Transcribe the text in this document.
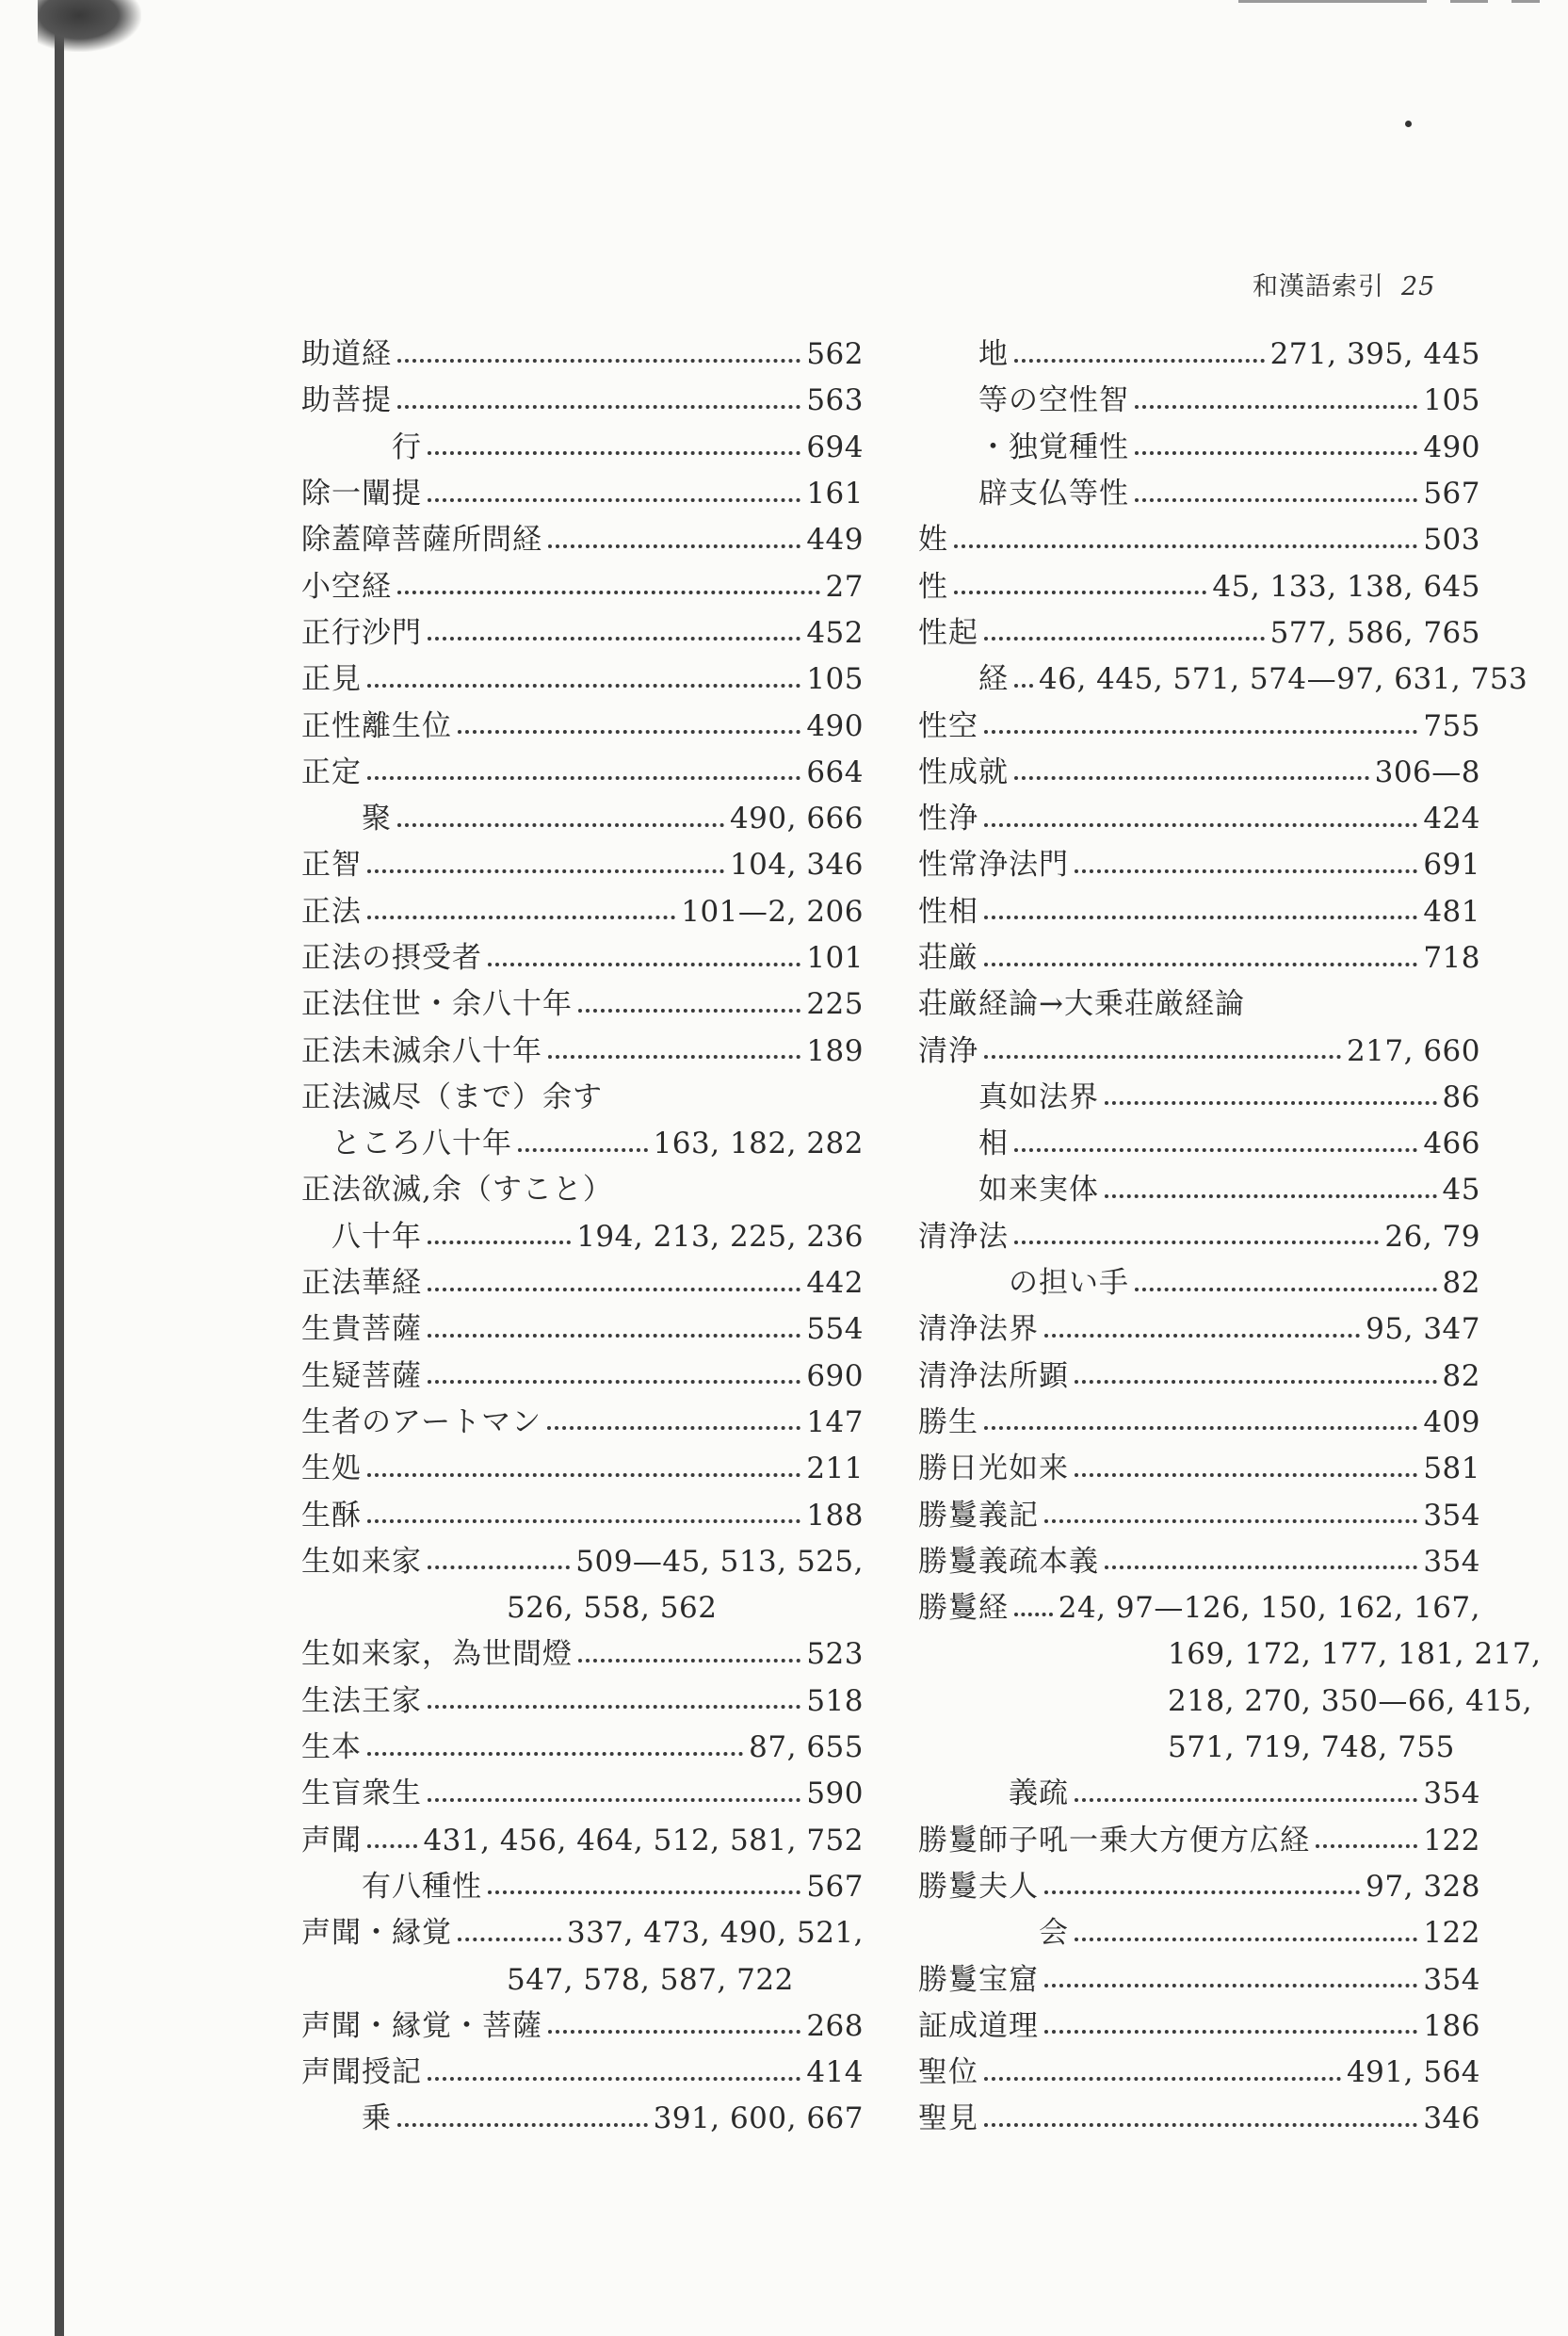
和漢語索引 25
助道経	562
助菩提	563
行	694
除一闡提	161
除蓋障菩薩所問経	449
小空経	27
正行沙門	452
正見	105
正性離生位	490
正定	664
聚	490, 666
正智	104, 346
正法	101—2, 206
正法の摂受者	101
正法住世・余八十年	225
正法未滅余八十年	189
正法滅尽（まで）余す
ところ八十年	163, 182, 282
正法欲滅,余（すこと）
八十年	194, 213, 225, 236
正法華経	442
生貴菩薩	554
生疑菩薩	690
生者のアートマン	147
生処	211
生酥	188
生如来家	509—45, 513, 525,
526, 558, 562
生如来家，為世間燈	523
生法王家	518
生本	87, 655
生盲衆生	590
声聞 431, 456, 464, 512, 581, 752
有八種性	567
声聞・縁覚	337, 473, 490, 521,
547, 578, 587, 722
声聞・縁覚・菩薩	268
声聞授記	414
乗	391, 600, 667
地	271, 395, 445
等の空性智	105
・独覚種性	490
辟支仏等性	567
姓	503
性	45, 133, 138, 645
性起	577, 586, 765
経 46, 445, 571, 574—97, 631, 753
性空	755
性成就	306—8
性浄	424
性常浄法門	691
性相	481
荘厳	718
荘厳経論→大乗荘厳経論
清浄	217, 660
真如法界	86
相	466
如来実体	45
清浄法	26, 79
の担い手	82
清浄法界	95, 347
清浄法所顕	82
勝生	409
勝日光如来	581
勝鬘義記	354
勝鬘義疏本義	354
勝鬘経 24, 97—126, 150, 162, 167,
169, 172, 177, 181, 217,
218, 270, 350—66, 415,
571, 719, 748, 755
義疏	354
勝鬘師子吼一乗大方便方広経	122
勝鬘夫人	97, 328
会	122
勝鬘宝窟	354
証成道理	186
聖位	491, 564
聖見	346
